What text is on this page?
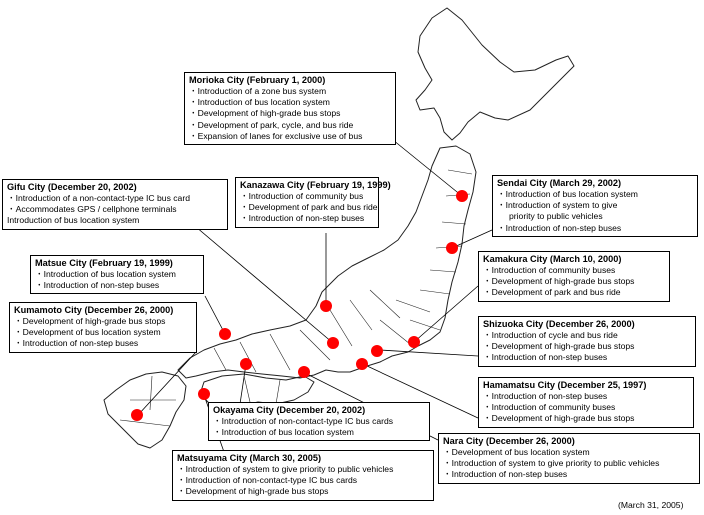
Morioka City (February 1, 2000)
・ Introduction of a zone bus system
・ Introduction of bus location system
・ Development of high-grade bus stops
・ Development of park, cycle, and bus ride
・ Expansion of lanes for exclusive use of bus
Gifu City (December 20, 2002)
・ Introduction of a non-contact-type IC bus card
・ Accommodates GPS / cellphone terminals
Introduction of bus location system
Kanazawa City (February 19, 1999)
・ Introduction of community bus
・ Development of park and bus ride
・ Introduction of non-step buses
Sendai City (March 29, 2002)
・ Introduction of bus location system
・ Introduction of system to give
priority to public vehicles
・ Introduction of non-step buses
Matsue City (February 19, 1999)
・ Introduction of bus location system
・ Introduction of non-step buses
Kamakura City (March 10, 2000)
・ Introduction of community buses
・ Development of high-grade bus stops
・ Development of park and bus ride
Kumamoto City (December 26, 2000)
・ Development of high-grade bus stops
・ Development of bus location system
・ Introduction of non-step buses
Shizuoka City (December 26, 2000)
・ Introduction of cycle and bus ride
・ Development of high-grade bus stops
・ Introduction of non-step buses
Hamamatsu City (December 25, 1997)
・ Introduction of non-step buses
・ Introduction of community buses
・ Development of high-grade bus stops
Okayama City (December 20, 2002)
・ Introduction of non-contact-type IC bus cards
・ Introduction of bus location system
Nara City (December 26, 2000)
・ Development of bus location system
・ Introduction of system to give priority to public vehicles
・ Introduction of non-step buses
Matsuyama City (March 30, 2005)
・ Introduction of system to give priority to public vehicles
・ Introduction of non-contact-type IC bus cards
・ Development of high-grade bus stops
(March 31, 2005)
